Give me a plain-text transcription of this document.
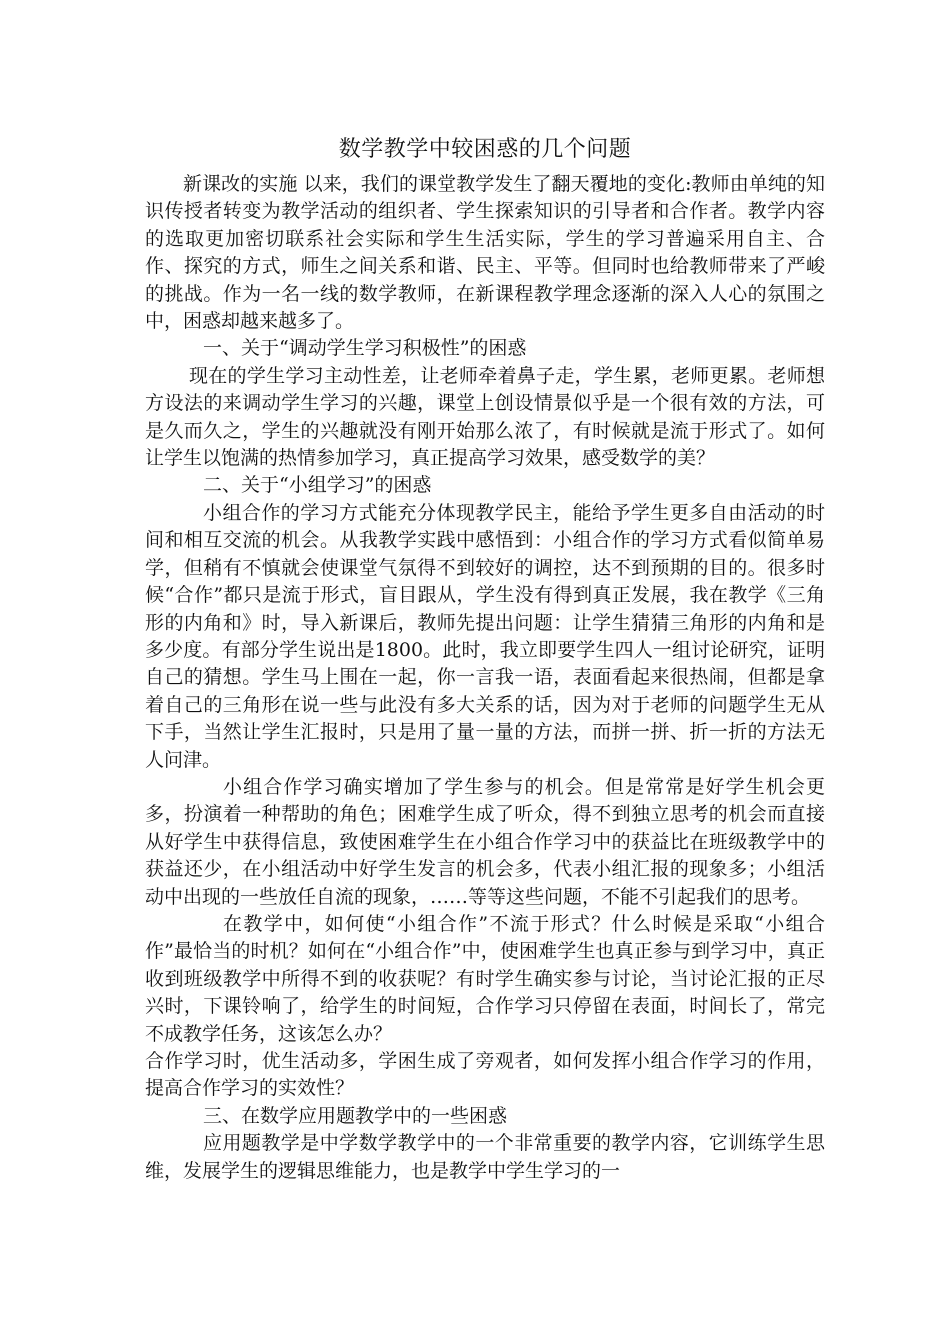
数学教学中较困惑的几个问题

新课改的实施 以来，我们的课堂教学发生了翻天覆地的变化:教师由单纯的知识传授者转变为教学活动的组织者、学生探索知识的引导者和合作者。教学内容的选取更加密切联系社会实际和学生生活实际，学生的学习普遍采用自主、合作、探究的方式，师生之间关系和谐、民主、平等。但同时也给教师带来了严峻的挑战。作为一名一线的数学教师，在新课程教学理念逐渐的深入人心的氛围之中，困惑却越来越多了。

一、关于“调动学生学习积极性”的困惑

现在的学生学习主动性差，让老师牵着鼻子走，学生累，老师更累。老师想方设法的来调动学生学习的兴趣，课堂上创设情景似乎是一个很有效的方法，可是久而久之，学生的兴趣就没有刚开始那么浓了，有时候就是流于形式了。如何让学生以饱满的热情参加学习，真正提高学习效果，感受数学的美？

二、关于“小组学习”的困惑

小组合作的学习方式能充分体现教学民主，能给予学生更多自由活动的时间和相互交流的机会。从我教学实践中感悟到：小组合作的学习方式看似简单易学，但稍有不慎就会使课堂气氛得不到较好的调控，达不到预期的目的。很多时候“合作”都只是流于形式，盲目跟从，学生没有得到真正发展，我在教学《三角形的内角和》时，导入新课后，教师先提出问题：让学生猜猜三角形的内角和是多少度。有部分学生说出是1800。此时，我立即要学生四人一组讨论研究，证明自己的猜想。学生马上围在一起，你一言我一语，表面看起来很热闹，但都是拿着自己的三角形在说一些与此没有多大关系的话，因为对于老师的问题学生无从下手，当然让学生汇报时，只是用了量一量的方法，而拼一拼、折一折的方法无人问津。

小组合作学习确实增加了学生参与的机会。但是常常是好学生机会更多，扮演着一种帮助的角色；困难学生成了听众，得不到独立思考的机会而直接从好学生中获得信息，致使困难学生在小组合作学习中的获益比在班级教学中的获益还少，在小组活动中好学生发言的机会多，代表小组汇报的现象多；小组活动中出现的一些放任自流的现象，……等等这些问题，不能不引起我们的思考。

在教学中，如何使“小组合作”不流于形式？什么时候是采取“小组合作”最恰当的时机？如何在“小组合作”中，使困难学生也真正参与到学习中，真正收到班级教学中所得不到的收获呢？有时学生确实参与讨论，当讨论汇报的正尽兴时，下课铃响了，给学生的时间短，合作学习只停留在表面，时间长了，常完不成教学任务，这该怎么办？

合作学习时，优生活动多，学困生成了旁观者，如何发挥小组合作学习的作用，提高合作学习的实效性？

三、在数学应用题教学中的一些困惑

应用题教学是中学数学教学中的一个非常重要的教学内容，它训练学生思维，发展学生的逻辑思维能力，也是教学中学生学习的一
